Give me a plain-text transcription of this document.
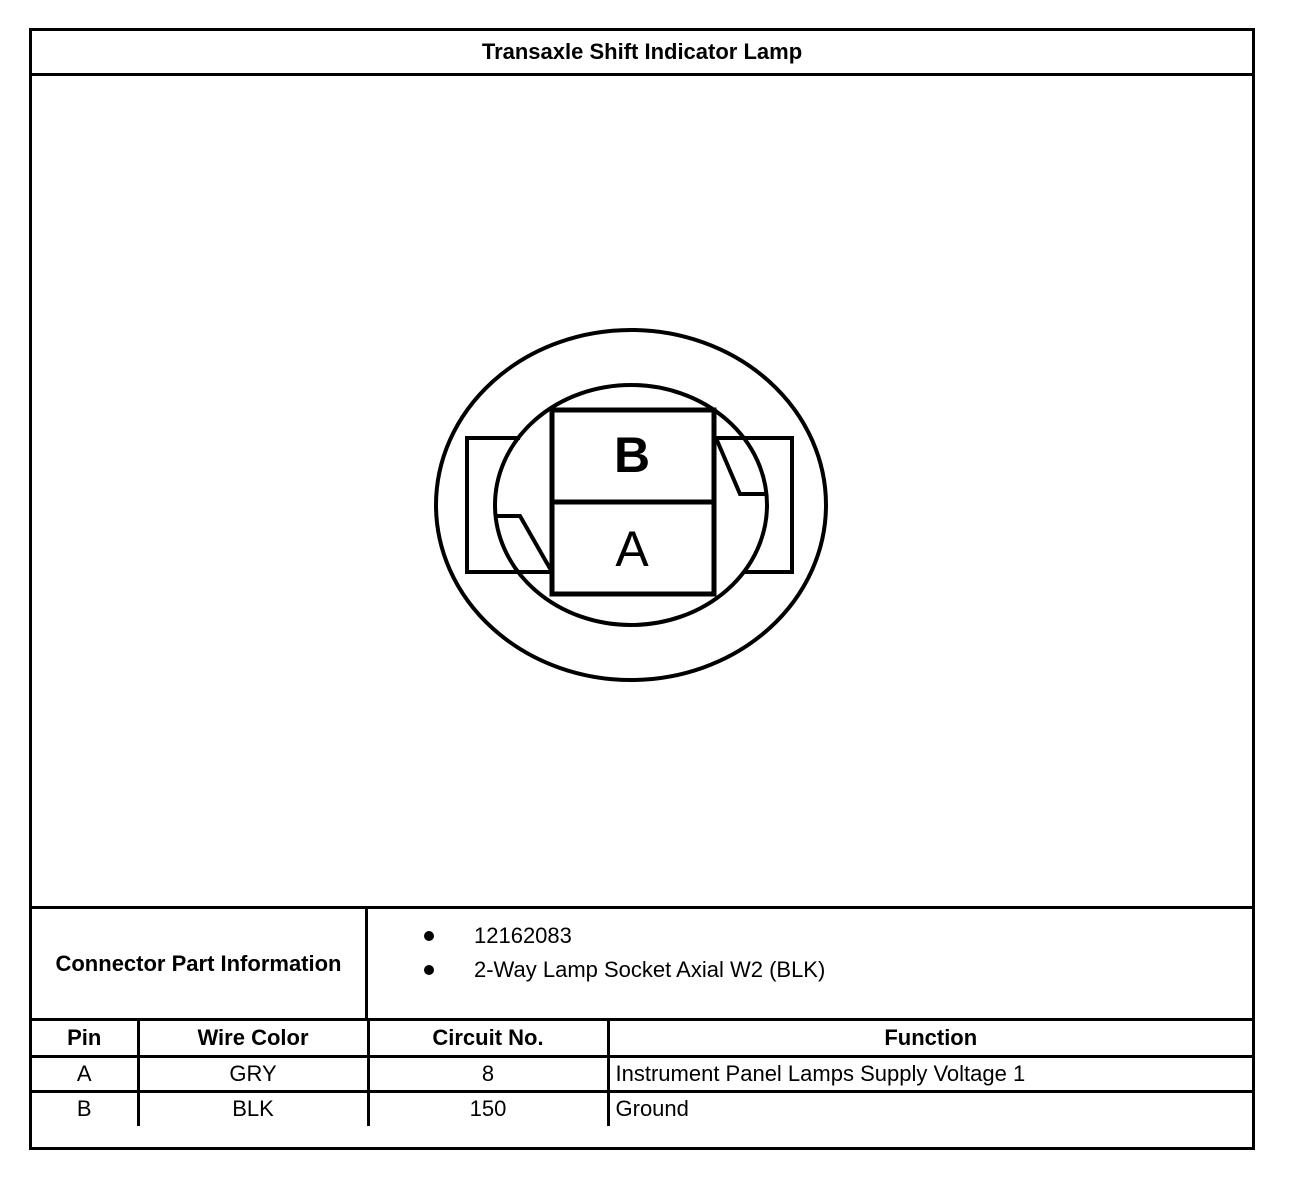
Transaxle Shift Indicator Lamp
B
A
Connector Part Information
12162083
2-Way Lamp Socket Axial W2 (BLK)
Pin	Wire Color	Circuit No.	Function
A	GRY	8	Instrument Panel Lamps Supply Voltage 1
B	BLK	150	Ground
